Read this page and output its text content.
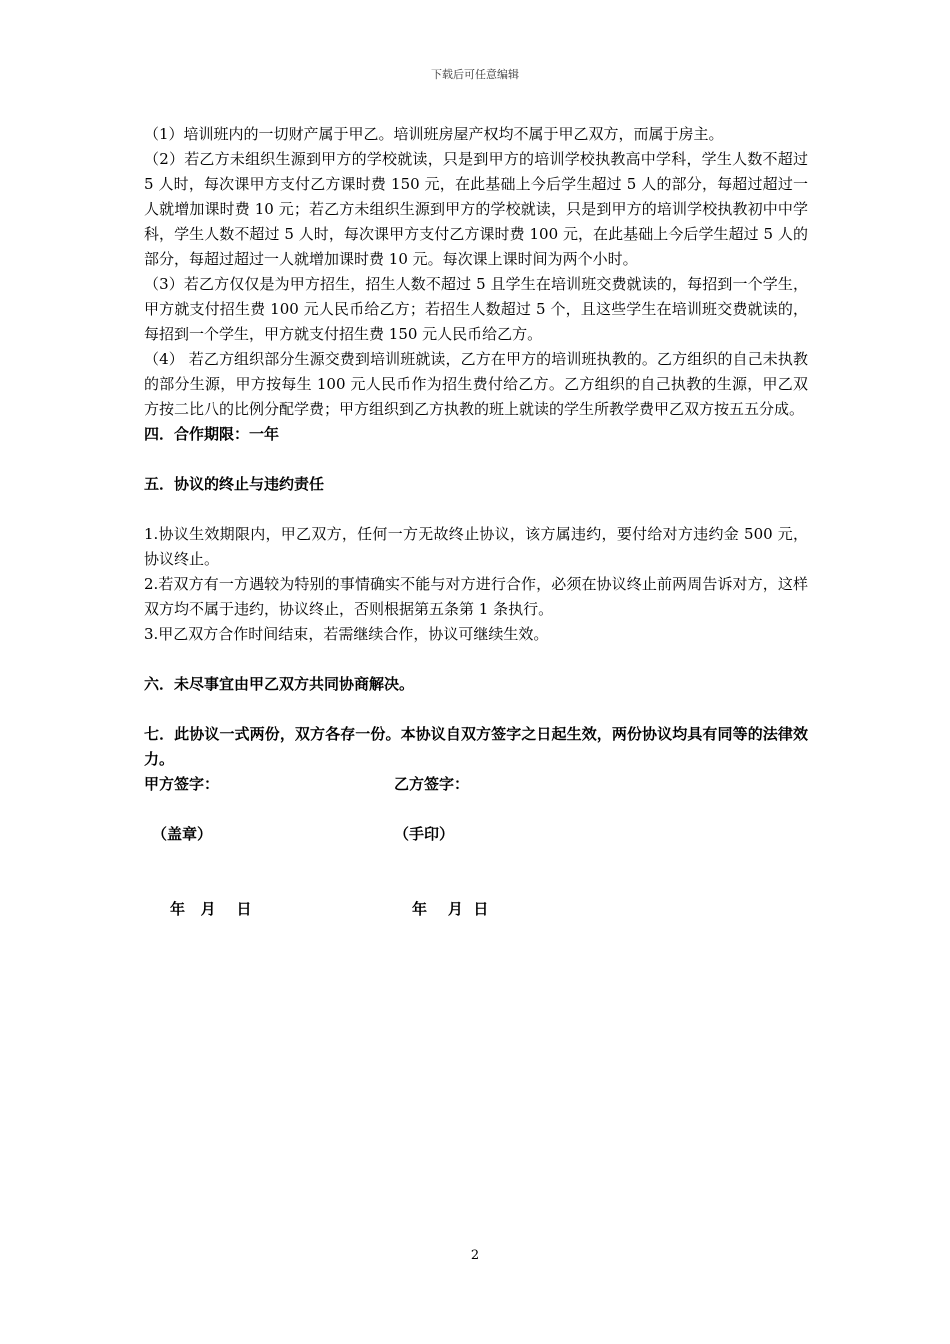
下载后可任意编辑

（1）培训班内的一切财产属于甲乙。培训班房屋产权均不属于甲乙双方，而属于房主。

（2）若乙方未组织生源到甲方的学校就读，只是到甲方的培训学校执教高中学科，学生人数不超过 5 人时，每次课甲方支付乙方课时费 150 元，在此基础上今后学生超过 5 人的部分，每超过超过一人就增加课时费 10 元；若乙方未组织生源到甲方的学校就读，只是到甲方的培训学校执教初中中学科，学生人数不超过 5 人时，每次课甲方支付乙方课时费 100 元，在此基础上今后学生超过 5 人的部分，每超过超过一人就增加课时费 10 元。每次课上课时间为两个小时。

（3）若乙方仅仅是为甲方招生，招生人数不超过 5 且学生在培训班交费就读的，每招到一个学生，甲方就支付招生费 100 元人民币给乙方；若招生人数超过 5 个，且这些学生在培训班交费就读的，每招到一个学生，甲方就支付招生费 150 元人民币给乙方。

（4） 若乙方组织部分生源交费到培训班就读，乙方在甲方的培训班执教的。乙方组织的自己未执教的部分生源，甲方按每生 100 元人民币作为招生费付给乙方。乙方组织的自己执教的生源，甲乙双方按二比八的比例分配学费；甲方组织到乙方执教的班上就读的学生所教学费甲乙双方按五五分成。

四．合作期限：一年

五．协议的终止与违约责任

1.协议生效期限内，甲乙双方，任何一方无故终止协议，该方属违约，要付给对方违约金 500 元，协议终止。

2.若双方有一方遇较为特别的事情确实不能与对方进行合作，必须在协议终止前两周告诉对方，这样双方均不属于违约，协议终止，否则根据第五条第 1 条执行。

3.甲乙双方合作时间结束，若需继续合作，协议可继续生效。

六．未尽事宜由甲乙双方共同协商解决。

七．此协议一式两份，双方各存一份。本协议自双方签字之日起生效，两份协议均具有同等的法律效力。

甲方签字：	乙方签字：
（盖章）	（手印）
年   月    日	年    月  日
2
